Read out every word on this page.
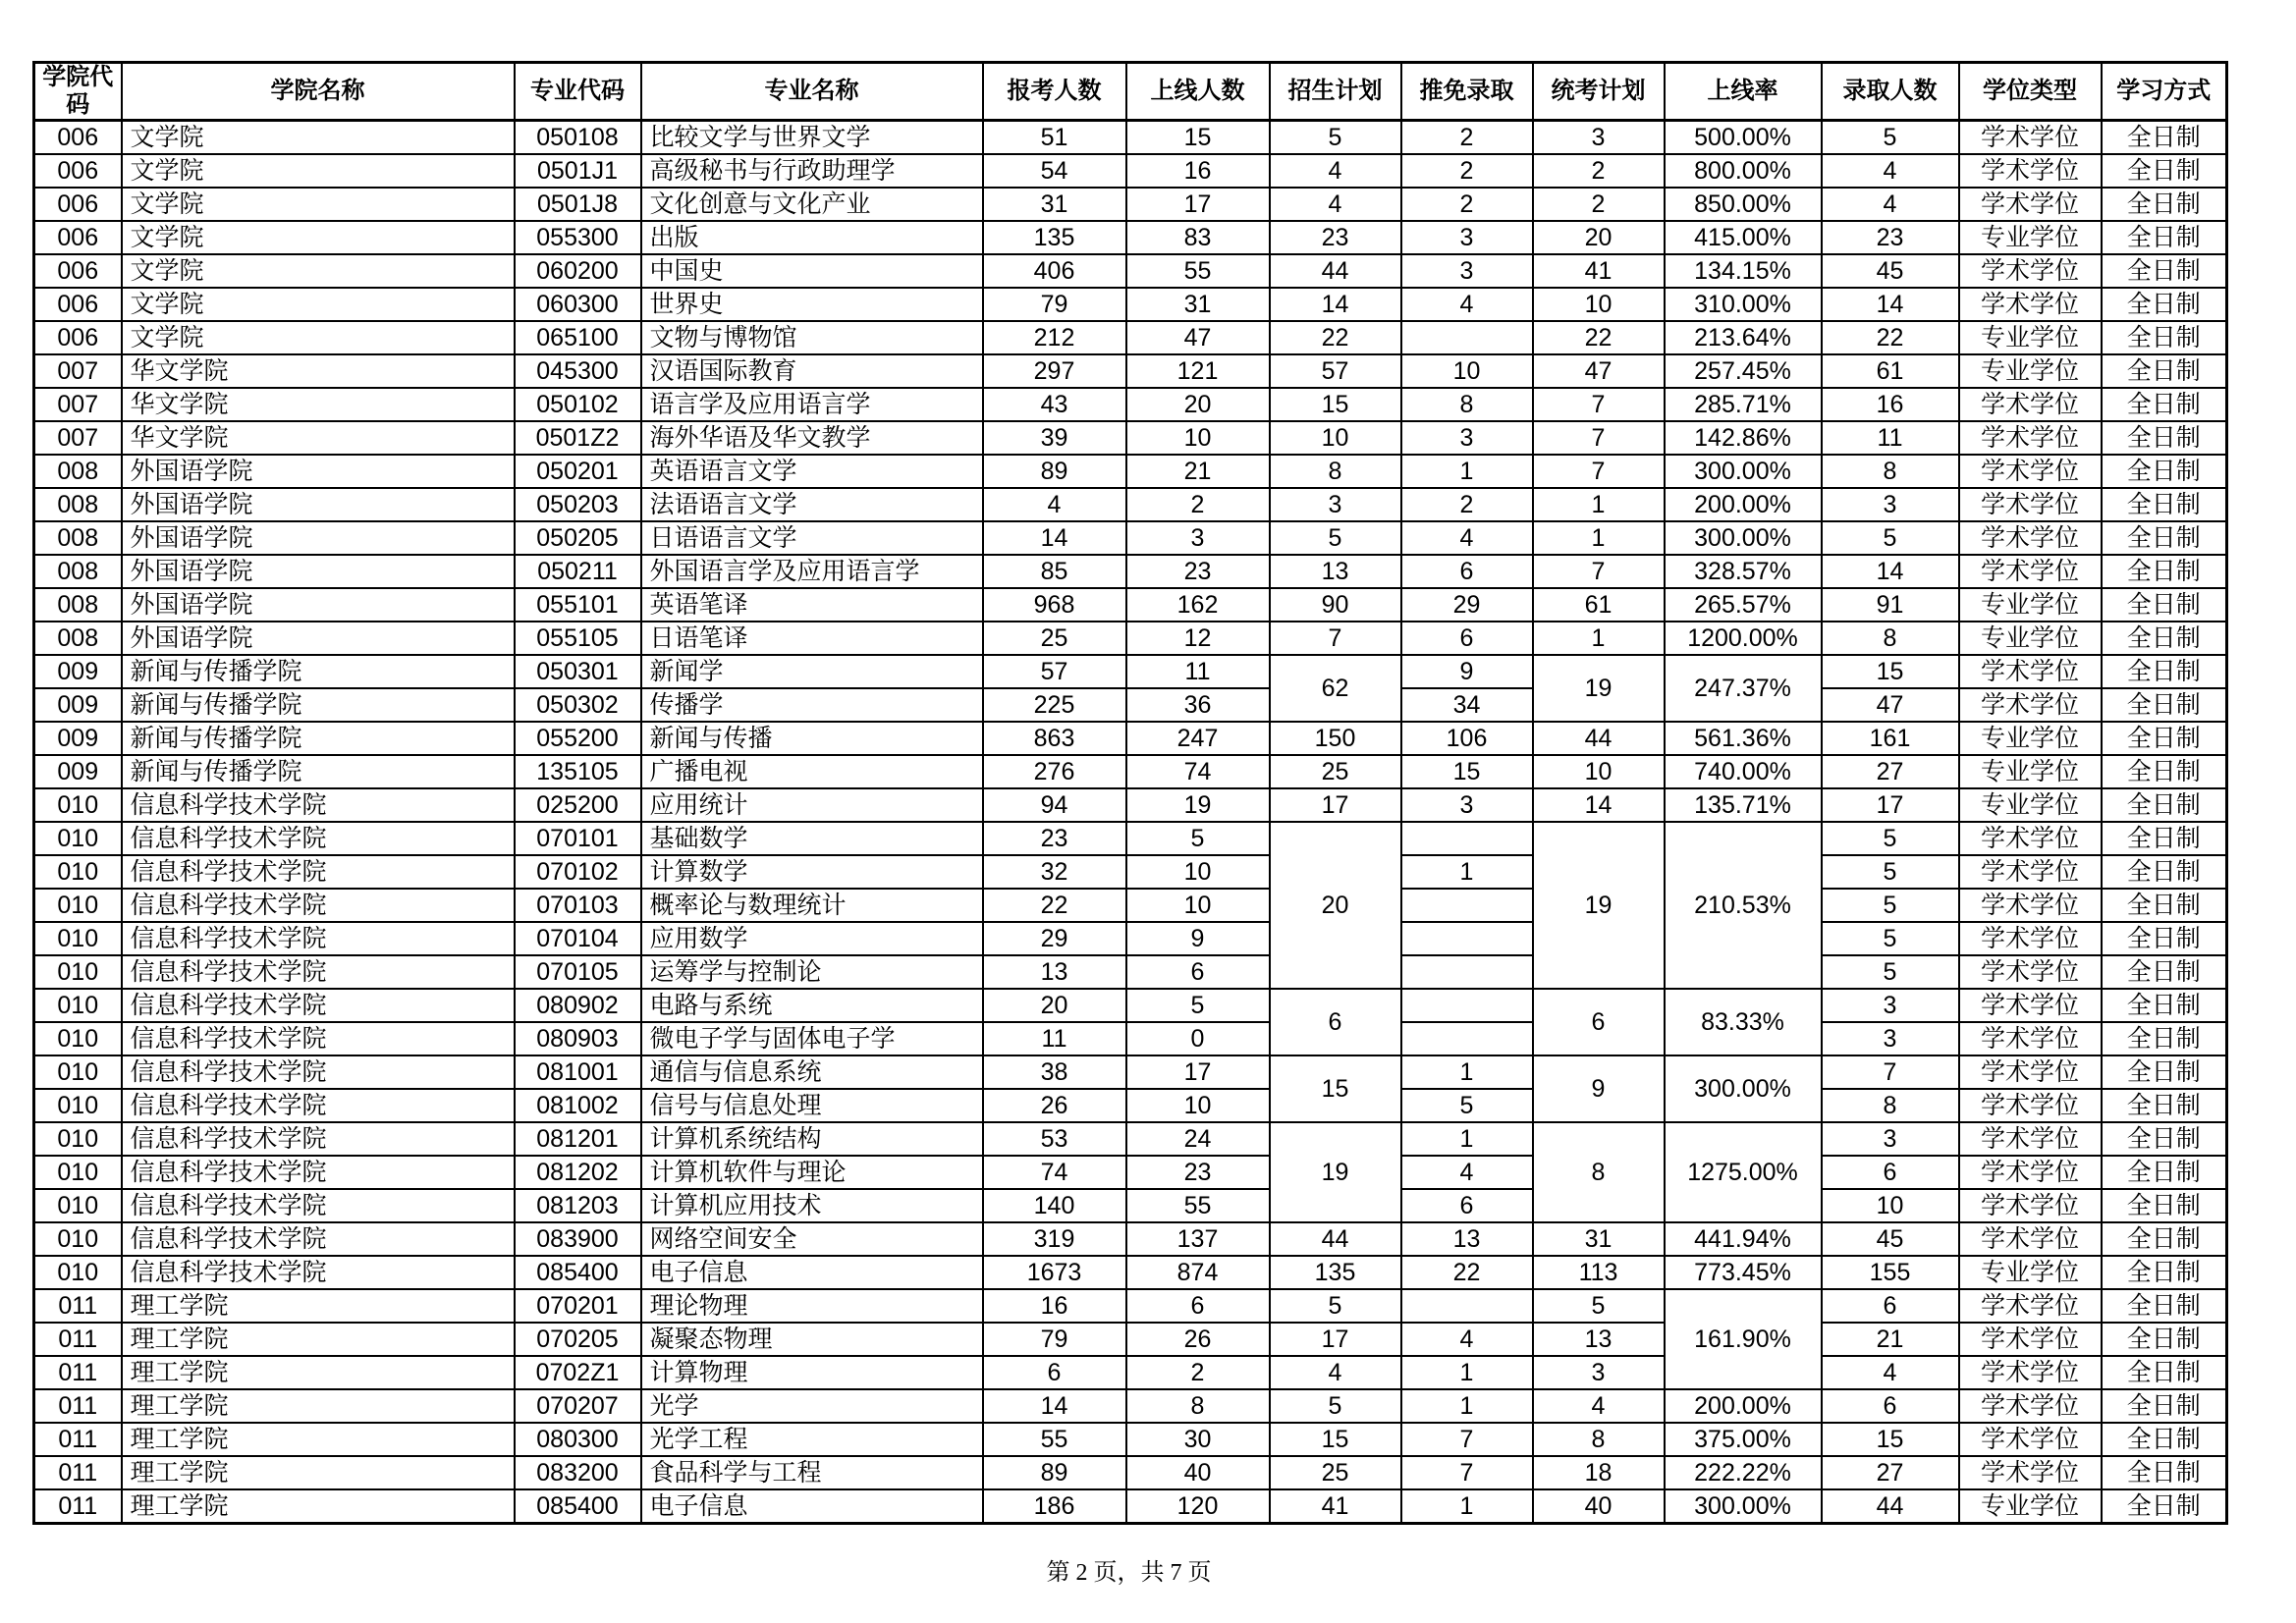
学院代码	学院名称	专业代码	专业名称	报考人数	上线人数	招生计划	推免录取	统考计划	上线率	录取人数	学位类型	学习方式
006	文学院	050108	比较文学与世界文学	51	15	5	2	3	500.00%	5	学术学位	全日制
006	文学院	0501J1	高级秘书与行政助理学	54	16	4	2	2	800.00%	4	学术学位	全日制
006	文学院	0501J8	文化创意与文化产业	31	17	4	2	2	850.00%	4	学术学位	全日制
006	文学院	055300	出版	135	83	23	3	20	415.00%	23	专业学位	全日制
006	文学院	060200	中国史	406	55	44	3	41	134.15%	45	学术学位	全日制
006	文学院	060300	世界史	79	31	14	4	10	310.00%	14	学术学位	全日制
006	文学院	065100	文物与博物馆	212	47	22		22	213.64%	22	专业学位	全日制
007	华文学院	045300	汉语国际教育	297	121	57	10	47	257.45%	61	专业学位	全日制
007	华文学院	050102	语言学及应用语言学	43	20	15	8	7	285.71%	16	学术学位	全日制
007	华文学院	0501Z2	海外华语及华文教学	39	10	10	3	7	142.86%	11	学术学位	全日制
008	外国语学院	050201	英语语言文学	89	21	8	1	7	300.00%	8	学术学位	全日制
008	外国语学院	050203	法语语言文学	4	2	3	2	1	200.00%	3	学术学位	全日制
008	外国语学院	050205	日语语言文学	14	3	5	4	1	300.00%	5	学术学位	全日制
008	外国语学院	050211	外国语言学及应用语言学	85	23	13	6	7	328.57%	14	学术学位	全日制
008	外国语学院	055101	英语笔译	968	162	90	29	61	265.57%	91	专业学位	全日制
008	外国语学院	055105	日语笔译	25	12	7	6	1	1200.00%	8	专业学位	全日制
009	新闻与传播学院	050301	新闻学	57	11	62	9	19	247.37%	15	学术学位	全日制
009	新闻与传播学院	050302	传播学	225	36		34			47	学术学位	全日制
009	新闻与传播学院	055200	新闻与传播	863	247	150	106	44	561.36%	161	专业学位	全日制
009	新闻与传播学院	135105	广播电视	276	74	25	15	10	740.00%	27	专业学位	全日制
010	信息科学技术学院	025200	应用统计	94	19	17	3	14	135.71%	17	专业学位	全日制
010	信息科学技术学院	070101	基础数学	23	5	20		19	210.53%	5	学术学位	全日制
010	信息科学技术学院	070102	计算数学	32	10		1			5	学术学位	全日制
010	信息科学技术学院	070103	概率论与数理统计	22	10					5	学术学位	全日制
010	信息科学技术学院	070104	应用数学	29	9					5	学术学位	全日制
010	信息科学技术学院	070105	运筹学与控制论	13	6					5	学术学位	全日制
010	信息科学技术学院	080902	电路与系统	20	5	6		6	83.33%	3	学术学位	全日制
010	信息科学技术学院	080903	微电子学与固体电子学	11	0					3	学术学位	全日制
010	信息科学技术学院	081001	通信与信息系统	38	17	15	1	9	300.00%	7	学术学位	全日制
010	信息科学技术学院	081002	信号与信息处理	26	10		5			8	学术学位	全日制
010	信息科学技术学院	081201	计算机系统结构	53	24	19	1	8	1275.00%	3	学术学位	全日制
010	信息科学技术学院	081202	计算机软件与理论	74	23		4			6	学术学位	全日制
010	信息科学技术学院	081203	计算机应用技术	140	55		6			10	学术学位	全日制
010	信息科学技术学院	083900	网络空间安全	319	137	44	13	31	441.94%	45	学术学位	全日制
010	信息科学技术学院	085400	电子信息	1673	874	135	22	113	773.45%	155	专业学位	全日制
011	理工学院	070201	理论物理	16	6	5		5	161.90%	6	学术学位	全日制
011	理工学院	070205	凝聚态物理	79	26	17	4	13		21	学术学位	全日制
011	理工学院	0702Z1	计算物理	6	2	4	1	3		4	学术学位	全日制
011	理工学院	070207	光学	14	8	5	1	4	200.00%	6	学术学位	全日制
011	理工学院	080300	光学工程	55	30	15	7	8	375.00%	15	学术学位	全日制
011	理工学院	083200	食品科学与工程	89	40	25	7	18	222.22%	27	学术学位	全日制
011	理工学院	085400	电子信息	186	120	41	1	40	300.00%	44	专业学位	全日制
第 2 页，共 7 页
